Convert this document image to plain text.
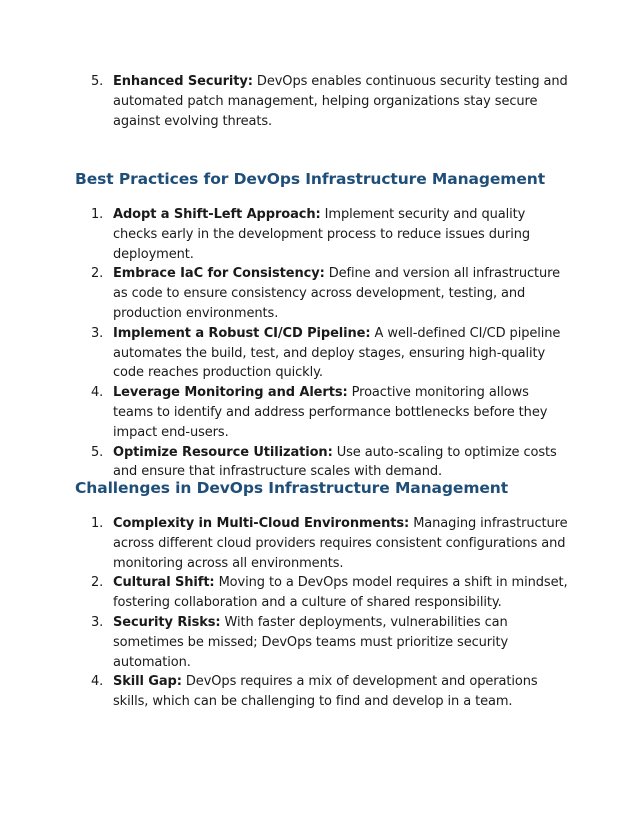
5. Enhanced Security: DevOps enables continuous security testing and automated patch management, helping organizations stay secure against evolving threats.
Best Practices for DevOps Infrastructure Management
1. Adopt a Shift-Left Approach: Implement security and quality checks early in the development process to reduce issues during deployment.
2. Embrace IaC for Consistency: Define and version all infrastructure as code to ensure consistency across development, testing, and production environments.
3. Implement a Robust CI/CD Pipeline: A well-defined CI/CD pipeline automates the build, test, and deploy stages, ensuring high-quality code reaches production quickly.
4. Leverage Monitoring and Alerts: Proactive monitoring allows teams to identify and address performance bottlenecks before they impact end-users.
5. Optimize Resource Utilization: Use auto-scaling to optimize costs and ensure that infrastructure scales with demand.
Challenges in DevOps Infrastructure Management
1. Complexity in Multi-Cloud Environments: Managing infrastructure across different cloud providers requires consistent configurations and monitoring across all environments.
2. Cultural Shift: Moving to a DevOps model requires a shift in mindset, fostering collaboration and a culture of shared responsibility.
3. Security Risks: With faster deployments, vulnerabilities can sometimes be missed; DevOps teams must prioritize security automation.
4. Skill Gap: DevOps requires a mix of development and operations skills, which can be challenging to find and develop in a team.
